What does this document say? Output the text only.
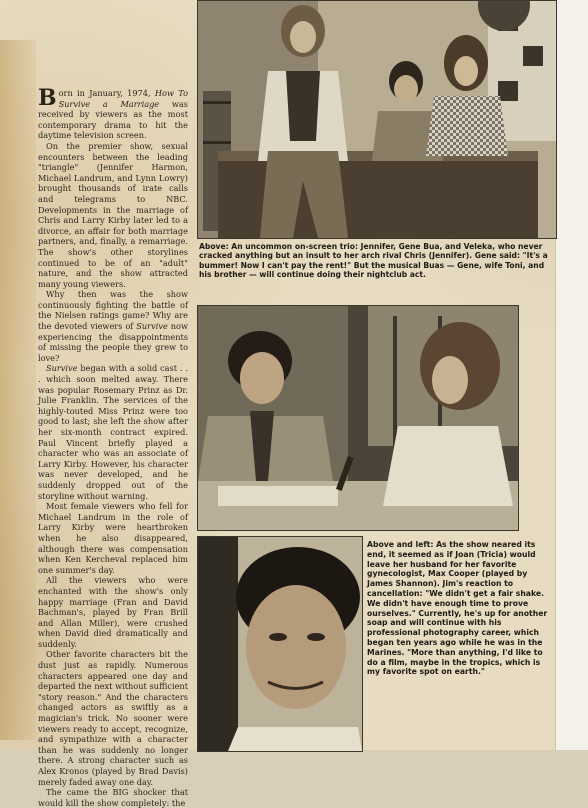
Above: An uncommon on-screen trio: Jennifer, Gene Bua, and Veleka, who never cracked anything but an insult to her arch rival Chris (Jennifer). Gene said: "It's a bummer! Now I can't pay the rent!" But the musical Buas — Gene, wife Toni, and his brother — will continue doing their nightclub act.

Above and left: As the show neared its end, it seemed as if Joan (Tricia) would leave her husband for her favorite gynecologist, Max Cooper (played by James Shannon). Jim's reaction to cancellation: "We didn't get a fair shake. We didn't have enough time to prove ourselves." Currently, he's up for another soap and will continue with his professional photography career, which began ten years ago while he was in the Marines. "More than anything, I'd like to do a film, maybe in the tropics, which is my favorite spot on earth."

Born in January, 1974, How To Survive a Marriage was received by viewers as the most contemporary drama to hit the daytime television screen.

On the premier show, sexual encounters between the leading "triangle" (Jennifer Harmon, Michael Landrum, and Lynn Lowry) brought thousands of irate calls and telegrams to NBC. Developments in the marriage of Chris and Larry Kirby later led to a divorce, an affair for both marriage partners, and, finally, a remarriage. The show's other storylines continued to be of an "adult" nature, and the show attracted many young viewers.

Why then was the show continuously fighting the battle of the Nielsen ratings game? Why are the devoted viewers of Survive now experiencing the disappointments of missing the people they grew to love?

Survive began with a solid cast . . . which soon melted away. There was popular Rosemary Prinz as Dr. Julie Franklin. The services of the highly-touted Miss Prinz were too good to last; she left the show after her six-month contract expired. Paul Vincent briefly played a character who was an associate of Larry Kirby. However, his character was never developed, and he suddenly dropped out of the storyline without warning.

Most female viewers who fell for Michael Landrum in the role of Larry Kirby were heartbroken when he also disappeared, although there was compensation when Ken Kercheval replaced him one summer's day.

All the viewers who were enchanted with the show's only happy marriage (Fran and David Bachman's, played by Fran Brill and Allan Miller), were crushed when David died dramatically and suddenly.

Other favorite characters bit the dust just as rapidly. Numerous characters appeared one day and departed the next without sufficient "story reason." And the characters changed actors as swiftly as a magician's trick. No sooner were viewers ready to accept, recognize, and sympathize with a character than he was suddenly no longer there. A strong character such as Alex Kronos (played by Brad Davis) merely faded away one day.

The came the BIG shocker that would kill the show completely: the
